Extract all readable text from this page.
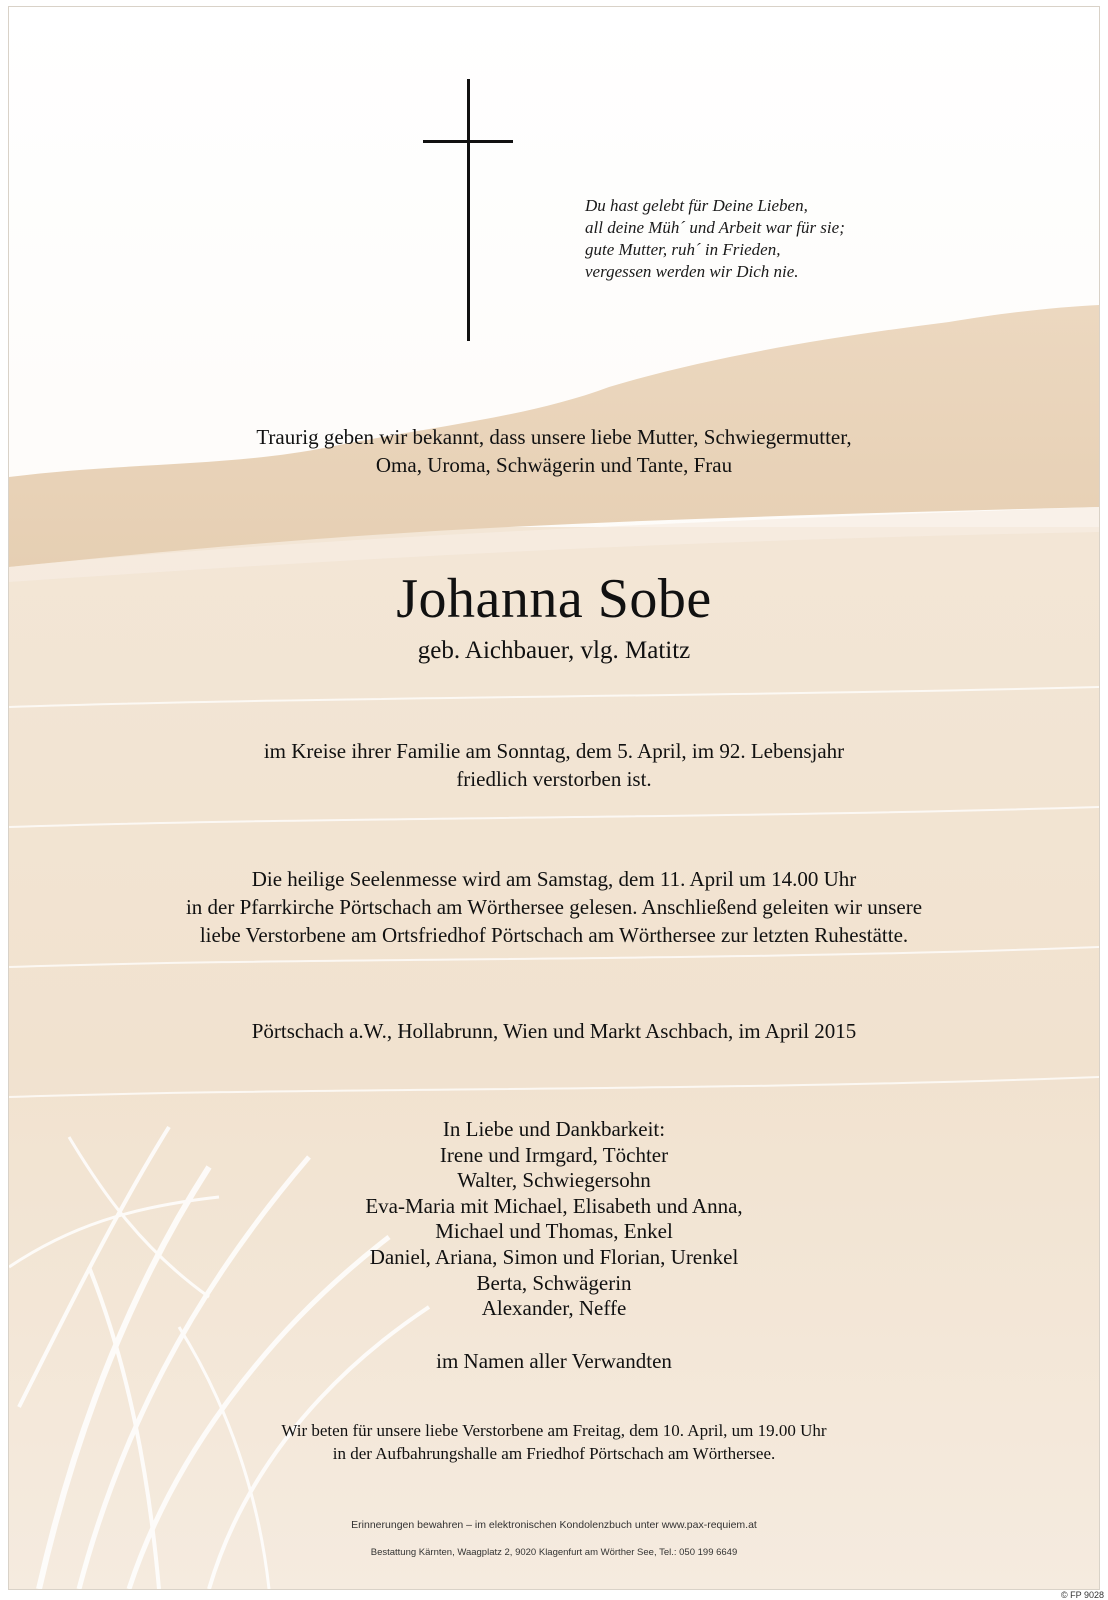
Du hast gelebt für Deine Lieben,
all deine Müh´ und Arbeit war für sie;
gute Mutter, ruh´ in Frieden,
vergessen werden wir Dich nie.
Traurig geben wir bekannt, dass unsere liebe Mutter, Schwiegermutter,
Oma, Uroma, Schwägerin und Tante, Frau
Johanna Sobe
geb. Aichbauer, vlg. Matitz
im Kreise ihrer Familie am Sonntag, dem 5. April, im 92. Lebensjahr
friedlich verstorben ist.
Die heilige Seelenmesse wird am Samstag, dem 11. April um 14.00 Uhr
in der Pfarrkirche Pörtschach am Wörthersee gelesen. Anschließend geleiten wir unsere
liebe Verstorbene am Ortsfriedhof Pörtschach am Wörthersee zur letzten Ruhestätte.
Pörtschach a.W., Hollabrunn, Wien und Markt Aschbach, im April 2015
In Liebe und Dankbarkeit:
Irene und Irmgard, Töchter
Walter, Schwiegersohn
Eva-Maria mit Michael, Elisabeth und Anna,
Michael und Thomas, Enkel
Daniel, Ariana, Simon und Florian, Urenkel
Berta, Schwägerin
Alexander, Neffe
im Namen aller Verwandten
Wir beten für unsere liebe Verstorbene am Freitag, dem 10. April, um 19.00 Uhr
in der Aufbahrungshalle am Friedhof Pörtschach am Wörthersee.
Erinnerungen bewahren – im elektronischen Kondolenzbuch unter www.pax-requiem.at
Bestattung Kärnten, Waagplatz 2, 9020 Klagenfurt am Wörther See, Tel.: 050 199 6649
© FP 9028
